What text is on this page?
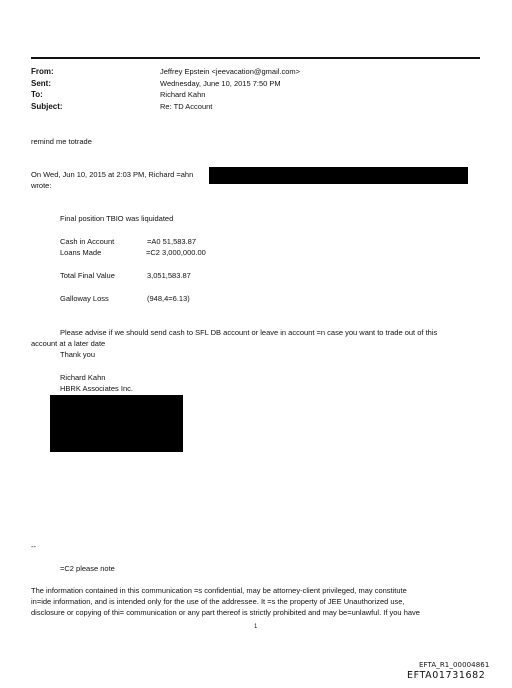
From:	Jeffrey Epstein <jeevacation@gmail.com>
Sent:	Wednesday, June 10, 2015 7:50 PM
To:	Richard Kahn
Subject:	Re: TD Account
remind me totrade
On Wed, Jun 10, 2015 at 2:03 PM, Richard =ahn
wrote:
Final position TBIO was liquidated
Cash in Account	=A0 51,583.87
Loans Made	=C2 3,000,000.00
Total Final Value	3,051,583.87
Galloway Loss	(948,4=6.13)
Please advise if we should send cash to SFL DB account or leave in account =n case you want to trade out of this
account at a later date
Thank you
Richard Kahn
HBRK Associates Inc.
--
=C2 please note
The information contained in this communication =s confidential, may be attorney-client privileged, may constitute
in=ide information, and is intended only for the use of the addressee. It =s the property of JEE Unauthorized use,
disclosure or copying of thi= communication or any part thereof is strictly prohibited and may be=unlawful. If you have
1
EFTA_R1_00004861
EFTA01731682
